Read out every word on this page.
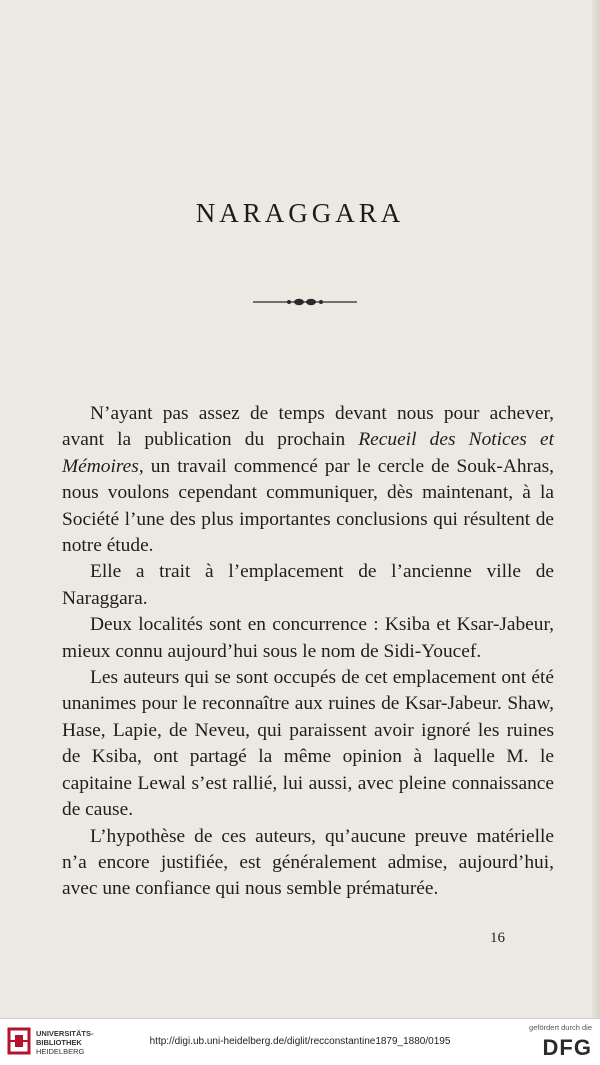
NARAGGARA

N’ayant pas assez de temps devant nous pour achever, avant la publication du prochain Recueil des Notices et Mémoires, un travail commencé par le cercle de Souk-Ahras, nous voulons cependant communiquer, dès maintenant, à la Société l’une des plus importantes conclusions qui résultent de notre étude.

Elle a trait à l’emplacement de l’ancienne ville de Naraggara.

Deux localités sont en concurrence : Ksiba et Ksar-Jabeur, mieux connu aujourd’hui sous le nom de Sidi-Youcef.

Les auteurs qui se sont occupés de cet emplacement ont été unanimes pour le reconnaître aux ruines de Ksar-Jabeur. Shaw, Hase, Lapie, de Neveu, qui paraissent avoir ignoré les ruines de Ksiba, ont partagé la même opinion à laquelle M. le capitaine Lewal s’est rallié, lui aussi, avec pleine connaissance de cause.

L’hypothèse de ces auteurs, qu’aucune preuve matérielle n’a encore justifiée, est généralement admise, aujourd’hui, avec une confiance qui nous semble prématurée.

16
UNIVERSITÄTS-
BIBLIOTHEK
HEIDELBERG
http://digi.ub.uni-heidelberg.de/diglit/recconstantine1879_1880/0195
gefördert durch die
DFG
